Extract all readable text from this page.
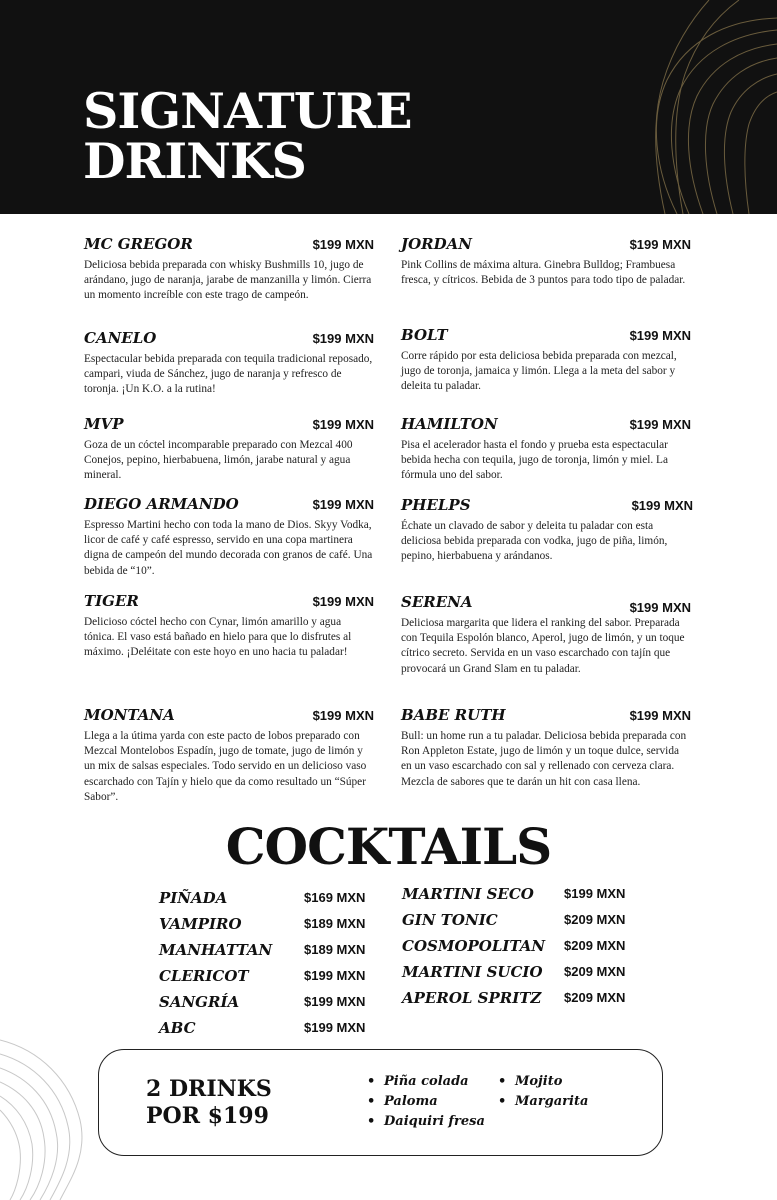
SIGNATURE
DRINKS
MC GREGOR	$199 MXN
Deliciosa bebida preparada con whisky Bushmills 10, jugo de arándano, jugo de naranja, jarabe de manzanilla y limón. Cierra un momento increíble con este trago de campeón.
CANELO	$199 MXN
Espectacular bebida preparada con tequila tradicional reposado, campari, viuda de Sánchez, jugo de naranja y refresco de toronja. ¡Un K.O. a la rutina!
MVP	$199 MXN
Goza de un cóctel incomparable preparado con Mezcal 400 Conejos, pepino, hierbabuena, limón, jarabe natural y agua mineral.
DIEGO ARMANDO	$199 MXN
Espresso Martini hecho con toda la mano de Dios. Skyy Vodka, licor de café y café espresso, servido en una copa martinera digna de campeón del mundo decorada con granos de café. Una bebida de “10”.
TIGER	$199 MXN
Delicioso cóctel hecho con Cynar, limón amarillo y agua tónica. El vaso está bañado en hielo para que lo disfrutes al máximo. ¡Deléitate con este hoyo en uno hacia tu paladar!
MONTANA	$199 MXN
Llega a la útima yarda con este pacto de lobos preparado con Mezcal Montelobos Espadín, jugo de tomate, jugo de limón y un mix de salsas especiales. Todo servido en un delicioso vaso escarchado con Tajín y hielo que da como resultado un “Súper Sabor”.
JORDAN	$199 MXN
Pink Collins de máxima altura. Ginebra Bulldog; Frambuesa fresca, y cítricos. Bebida de 3 puntos para todo tipo de paladar.
BOLT	$199 MXN
Corre rápido por esta deliciosa bebida preparada con mezcal, jugo de toronja, jamaica y limón. Llega a la meta del sabor y deleita tu paladar.
HAMILTON	$199 MXN
Pisa el acelerador hasta el fondo y prueba esta espectacular bebida hecha con tequila, jugo de toronja, limón y miel. La fórmula uno del sabor.
PHELPS	$199 MXN
Échate un clavado de sabor y deleita tu paladar con esta deliciosa bebida preparada con vodka, jugo de piña, limón, pepino, hierbabuena y arándanos.
SERENA	$199 MXN
Deliciosa margarita que lidera el ranking del sabor. Preparada con Tequila Espolón blanco, Aperol, jugo de limón, y un toque cítrico secreto. Servida en un vaso escarchado con tajín que provocará un Grand Slam en tu paladar.
BABE RUTH	$199 MXN
Bull: un home run a tu paladar. Deliciosa bebida preparada con Ron Appleton Estate, jugo de limón y un toque dulce, servida en un vaso escarchado con sal y rellenado con cerveza clara. Mezcla de sabores que te darán un hit con casa llena.
COCKTAILS
PIÑADA	$169 MXN
VAMPIRO	$189 MXN
MANHATTAN $189 MXN
CLERICOT	$199 MXN
SANGRÍA	$199 MXN
ABC	$199 MXN
MARTINI SECO $199 MXN
GIN TONIC	$209 MXN
COSMOPOLITAN $209 MXN
MARTINI SUCIO $209 MXN
APEROL SPRITZ $209 MXN
2 DRINKS
POR $199
• Piña colada
• Paloma
• Daiquiri fresa
• Mojito
• Margarita
